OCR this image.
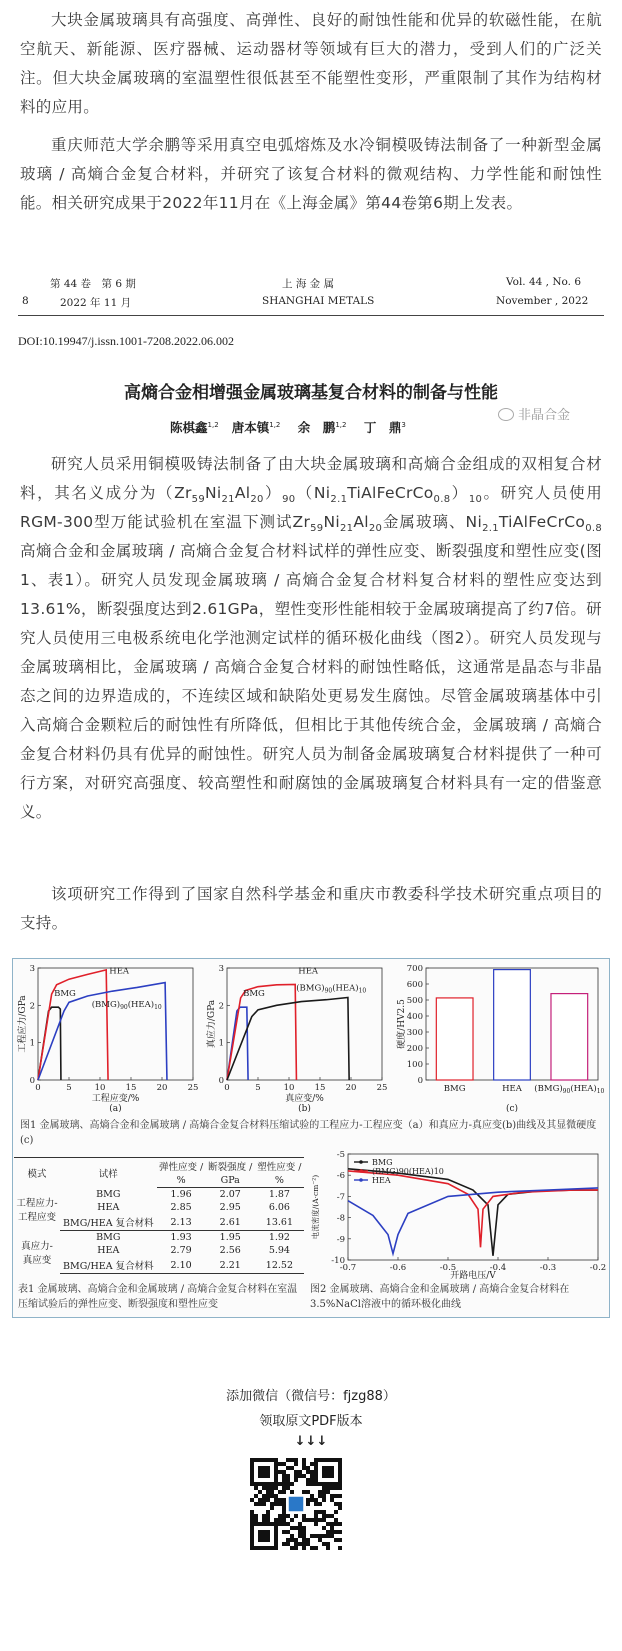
大块金属玻璃具有高强度、高弹性、良好的耐蚀性能和优异的软磁性能，在航空航天、新能源、医疗器械、运动器材等领域有巨大的潜力，受到人们的广泛关注。但大块金属玻璃的室温塑性很低甚至不能塑性变形，严重限制了其作为结构材料的应用。

重庆师范大学余鹏等采用真空电弧熔炼及水冷铜模吸铸法制备了一种新型金属玻璃 / 高熵合金复合材料，并研究了该复合材料的微观结构、力学性能和耐蚀性能。相关研究成果于2022年11月在《上海金属》第44卷第6期上发表。

第 44 卷　第 6 期
8	2022 年 11 月
上 海 金 属
SHANGHAI METALS
Vol. 44 , No. 6
November , 2022
DOI:10.19947/j.issn.1001-7208.2022.06.002
高熵合金相增强金属玻璃基复合材料的制备与性能
非晶合金
陈棋鑫$^{1,2}$ 唐本镇$^{1,2}$ 余　鹏$^{1,2}$ 丁　鼎$^3$

研究人员采用铜模吸铸法制备了由大块金属玻璃和高熵合金组成的双相复合材料，其名义成分为$(Zr_{59}Ni_{21}Al_{20})_{90}(Ni_{2.1}TiAlFeCrCo_{0.8})_{10}$。研究人员使用RGM-300型万能试验机在室温下测试$Zr_{59}Ni_{21}Al_{20}$金属玻璃、$Ni_{2.1}TiAlFeCrCo_{0.8}$高熵合金和金属玻璃 / 高熵合金复合材料试样的弹性应变、断裂强度和塑性应变(图1、表1）。研究人员发现金属玻璃 / 高熵合金复合材料复合材料的塑性应变达到13.61%，断裂强度达到2.61GPa，塑性变形性能相较于金属玻璃提高了约7倍。研究人员使用三电极系统电化学池测定试样的循环极化曲线（图2）。研究人员发现与金属玻璃相比，金属玻璃 / 高熵合金复合材料的耐蚀性略低，这通常是晶态与非晶态之间的边界造成的，不连续区域和缺陷处更易发生腐蚀。尽管金属玻璃基体中引入高熵合金颗粒后的耐蚀性有所降低，但相比于其他传统合金，金属玻璃 / 高熵合金复合材料仍具有优异的耐蚀性。研究人员为制备金属玻璃复合材料提供了一种可行方案，对研究高强度、较高塑性和耐腐蚀的金属玻璃复合材料具有一定的借鉴意义。

该项研究工作得到了国家自然科学基金和重庆市教委科学技术研究重点项目的支持。

0	5	10 15 20 25
0
1
2
3
工程应力/GPa
工程应变/%
(a)
BMG
HEA
$(BMG)_{90}(HEA)_{10}$
0	5	10 15 20 25
0
1
2
3
真应力/GPa
真应变/%
(b)
BMG
HEA
$(BMG)_{90}(HEA)_{10}$
0
100
200
300
400
500
600
700
BMG	HEA $(BMG)_{90}(HEA)_{10}$
硬度/HV2.5
(c)
图1 金属玻璃、高熵合金和金属玻璃 / 高熵合金复合材料压缩试验的工程应力-工程应变（a）和真应力-真应变(b)曲线及其显微硬度(c)
模式	试样	弹性应变 /	断裂强度 /	塑性应变 /
		%	GPa	%
工程应力-
工程应变	BMG	1.96	2.07	1.87
	HEA	2.85	2.95	6.06
	BMG/HEA 复合材料	2.13	2.61	13.61
真应力-
真应变	BMG	1.93	1.95	1.92
	HEA	2.79	2.56	5.94
	BMG/HEA 复合材料	2.10	2.21	12.52
表1 金属玻璃、高熵合金和金属玻璃 / 高熵合金复合材料在室温压缩试验后的弹性应变、断裂强度和塑性应变
-0.7	-0.6	-0.5	-0.4	-0.3	-0.2
-5
-6
-7
-8
-9
-10
电流密度/(A·cm⁻²)
开路电压/V
BMG
(BMG)90(HEA)10
HEA
图2 金属玻璃、高熵合金和金属玻璃 / 高熵合金复合材料在3.5%NaCl溶液中的循环极化曲线
添加微信（微信号：fjzg88）
领取原文PDF版本
↓↓↓
